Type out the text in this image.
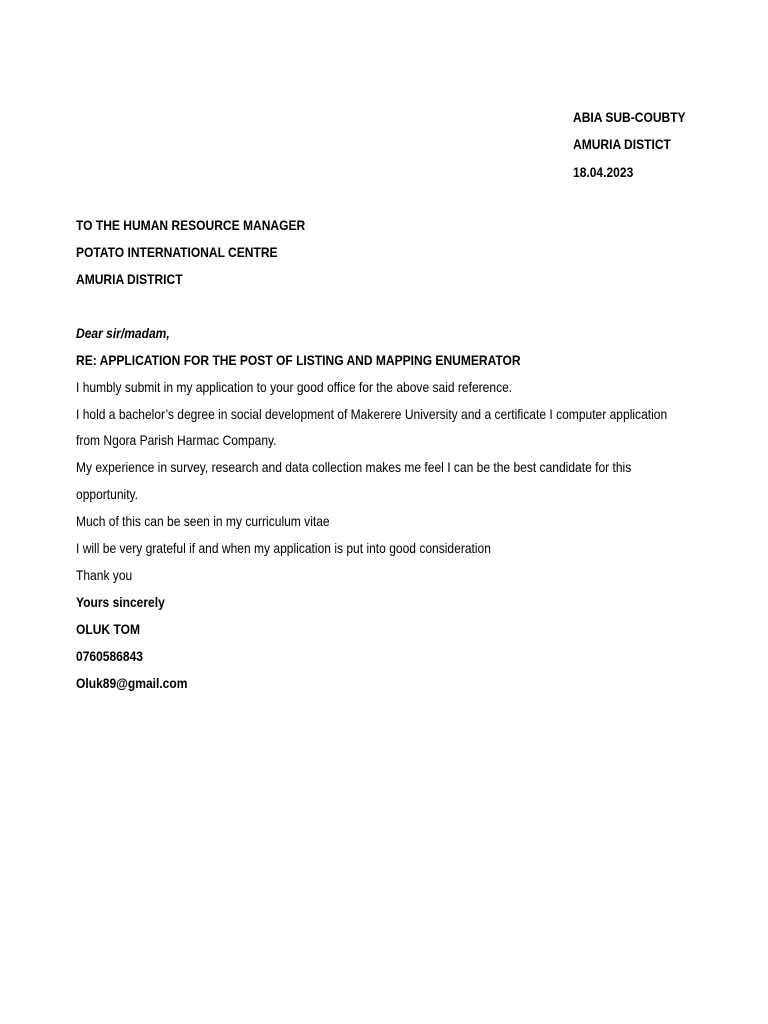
ABIA SUB-COUBTY
AMURIA DISTICT
18.04.2023
TO THE HUMAN RESOURCE MANAGER
POTATO INTERNATIONAL CENTRE
AMURIA DISTRICT
Dear sir/madam,
RE: APPLICATION FOR THE POST OF LISTING AND MAPPING ENUMERATOR
I humbly submit in my application to your good office for the above said reference.
I hold a bachelor’s degree in social development of Makerere University and a certificate I computer application
from Ngora Parish Harmac Company.
My experience in survey, research and data collection makes me feel I can be the best candidate for this
opportunity.
Much of this can be seen in my curriculum vitae
I will be very grateful if and when my application is put into good consideration
Thank you
Yours sincerely
OLUK TOM
0760586843
Oluk89@gmail.com
